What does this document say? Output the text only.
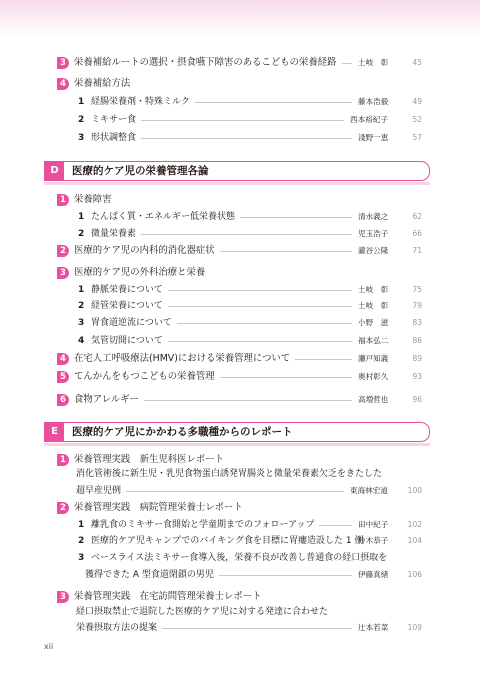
3 栄養補給ルートの選択・摂食嚥下障害のあるこどもの栄養経路	土岐　彰	45
4 栄養補給方法
1 経腸栄養剤・特殊ミルク	藤本浩毅	49
2 ミキサー食	西本裕紀子	52
3 形状調整食	淺野一恵	57
D	医療的ケア児の栄養管理各論
1 栄養障害
1 たんぱく質・エネルギー低栄養状態	清水義之	62
2 微量栄養素	児玉浩子	66
2 医療的ケア児の内科的消化器症状	瀧谷公隆	71
3 医療的ケア児の外科治療と栄養
1 静脈栄養について	土岐　彰	75
2 経管栄養について	土岐　彰	79
3 胃食道逆流について	小野　滋	83
4 気管切開について	福本弘二	86
4 在宅人工呼吸療法(HMV)における栄養管理について	瀬戸知義	89
5 てんかんをもつこどもの栄養管理	奥村彰久	93
6 食物アレルギー	高増哲也	96
E	医療的ケア児にかかわる多職種からのレポート
1 栄養管理実践　新生児科医レポート
消化管術後に新生児・乳児食物蛋白誘発胃腸炎と微量栄養素欠乏をきたした
超早産児例	東海林宏道	100
2 栄養管理実践　病院管理栄養士レポート
1 離乳食のミキサー食開始と学童期までのフォローアップ	田中紀子	102
2 医療的ケア児キャンプでのバイキング食を目標に胃瘻造設した 1 例
鈴木恭子	104
3 ベースライス法ミキサー食導入後，栄養不良が改善し普通食の経口摂取を
　獲得できた A 型食道閉鎖の男児	伊藤真緒	106
3 栄養管理実践　在宅訪問管理栄養士レポート
経口摂取禁止で退院した医療的ケア児に対する発達に合わせた
栄養摂取方法の提案	辻本若菜	109
xii
